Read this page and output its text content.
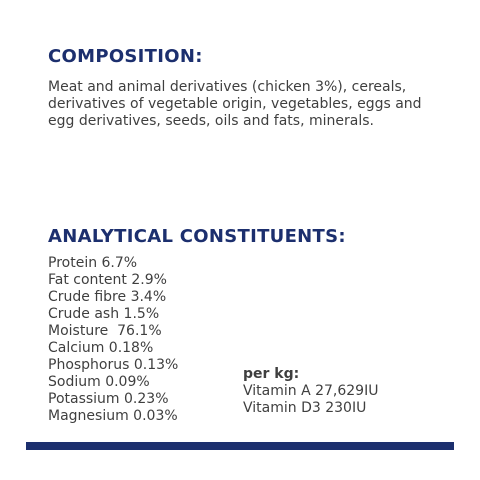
COMPOSITION:

Meat and animal derivatives (chicken 3%), cereals, derivatives of vegetable origin, vegetables, eggs and egg derivatives, seeds, oils and fats, minerals.

ANALYTICAL CONSTITUENTS:
Protein 6.7%
Fat content 2.9%
Crude fibre 3.4%
Crude ash 1.5%
Moisture  76.1%
Calcium 0.18%
Phosphorus 0.13%
Sodium 0.09%
Potassium 0.23%
Magnesium 0.03%
per kg:
Vitamin A 27,629IU
Vitamin D3 230IU
